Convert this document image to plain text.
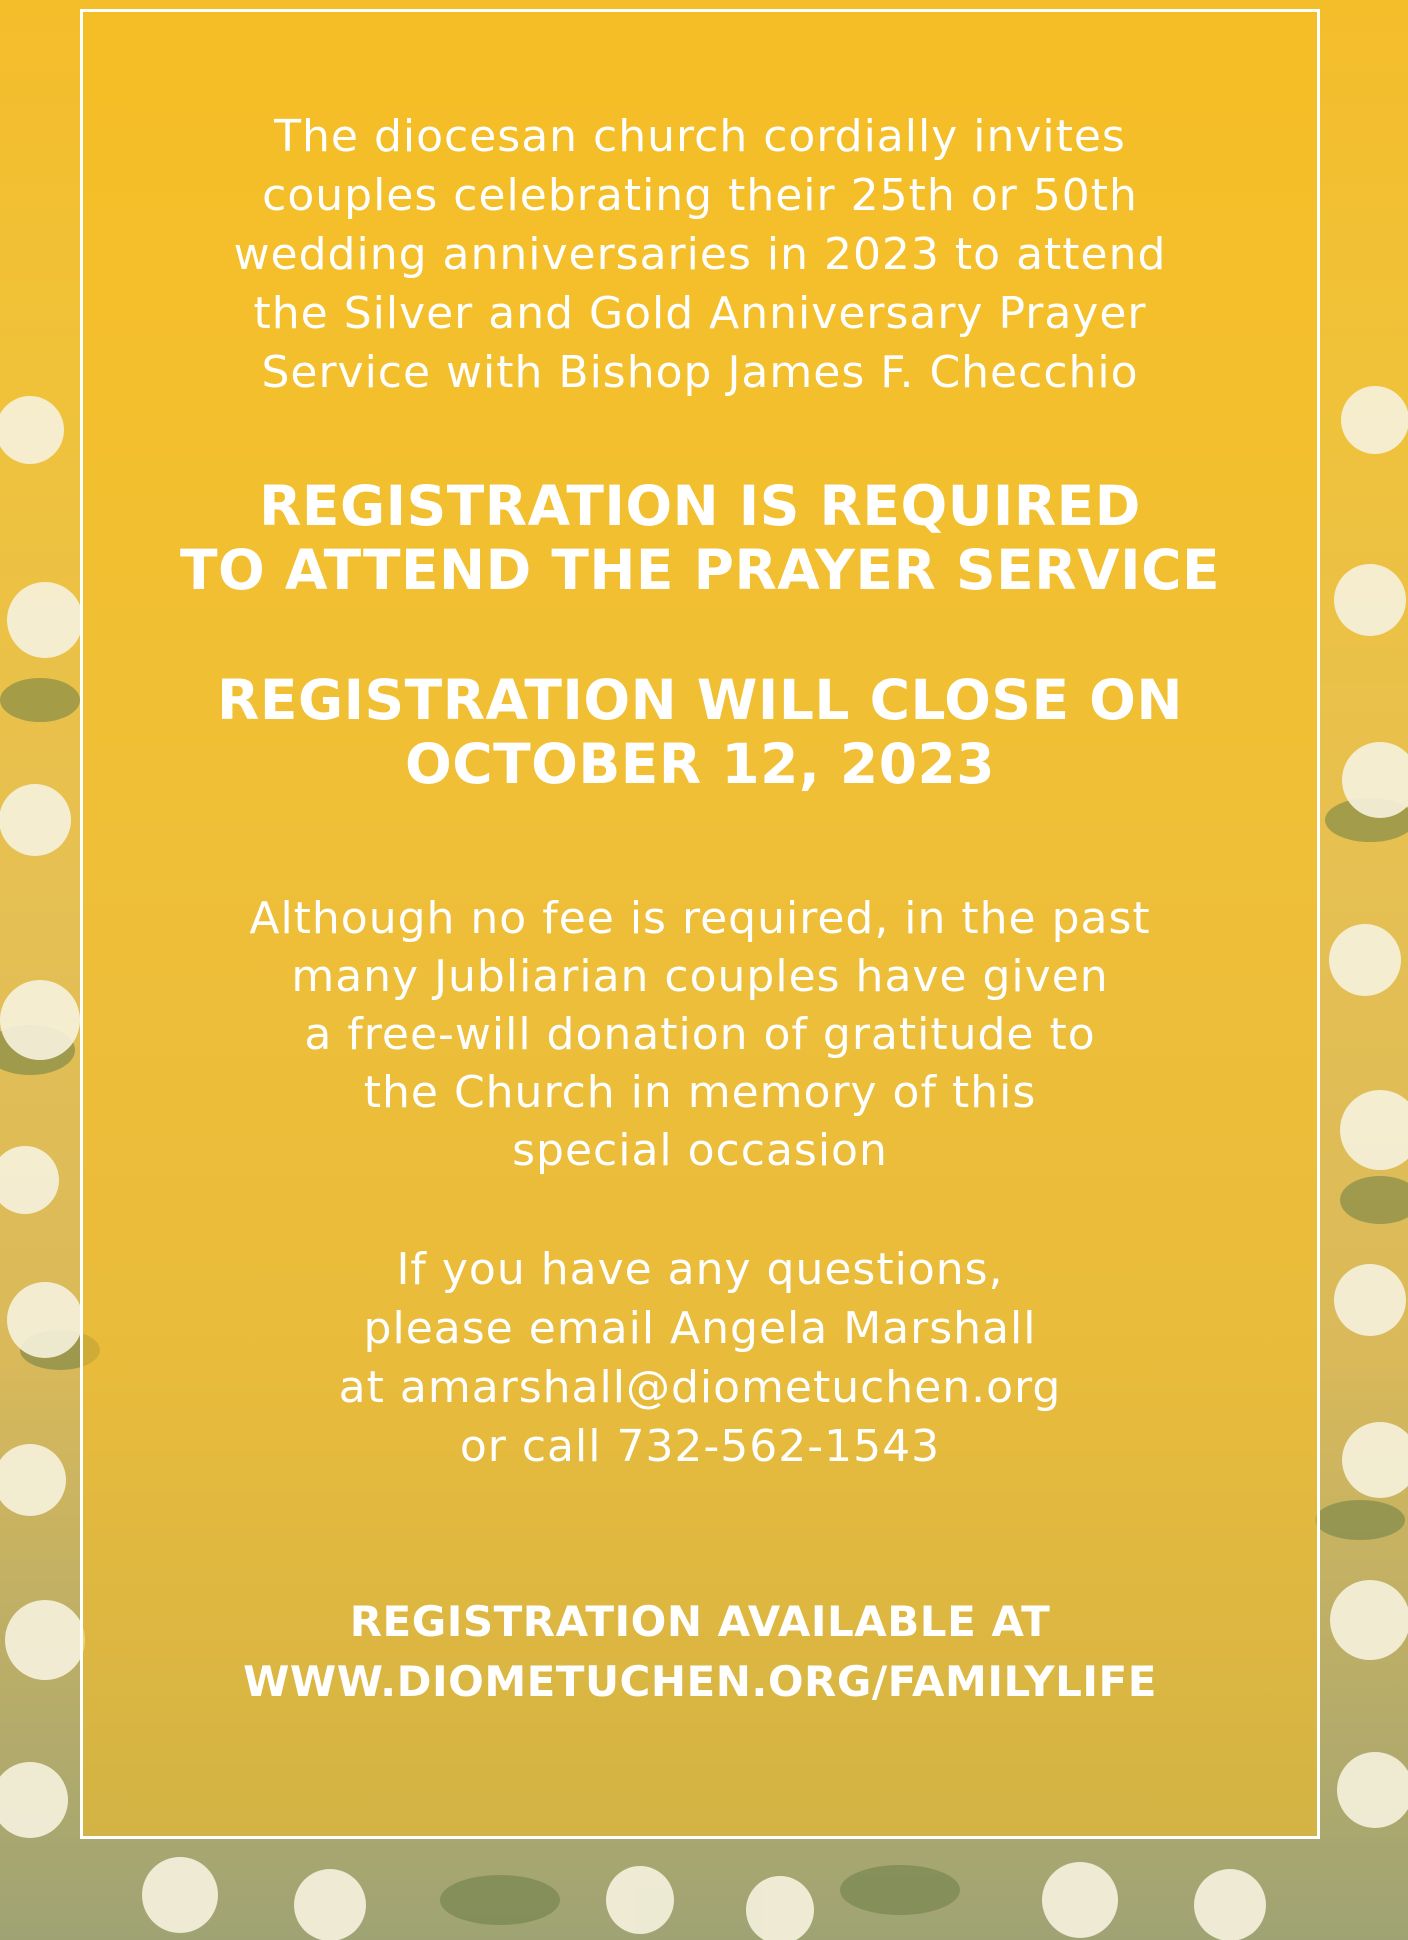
The diocesan church cordially invites
couples celebrating their 25th or 50th
wedding anniversaries in 2023 to attend
the Silver and Gold Anniversary Prayer
Service with Bishop James F. Checchio
REGISTRATION IS REQUIRED
TO ATTEND THE PRAYER SERVICE
REGISTRATION WILL CLOSE ON
OCTOBER 12, 2023
Although no fee is required, in the past
many Jubliarian couples have given
a free-will donation of gratitude to
the Church in memory of this
special occasion
If you have any questions,
please email Angela Marshall
at amarshall@diometuchen.org
or call 732-562-1543
REGISTRATION AVAILABLE AT
WWW.DIOMETUCHEN.ORG/FAMILYLIFE
